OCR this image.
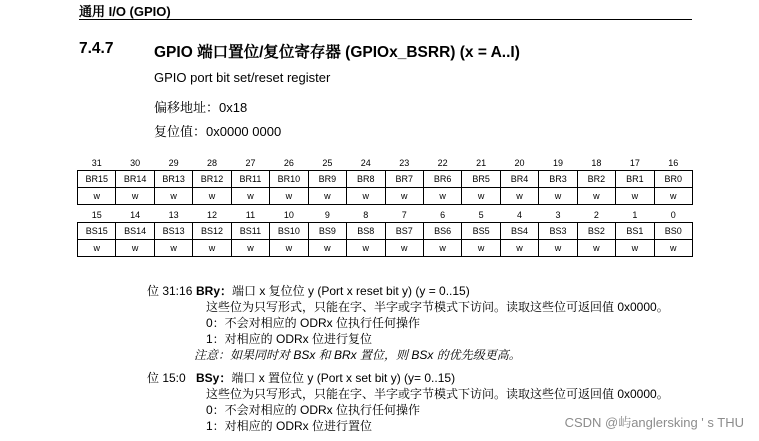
通用 I/O (GPIO)
7.4.7	GPIO 端口置位/复位寄存器 (GPIOx_BSRR) (x = A..I)
GPIO port bit set/reset register
偏移地址：0x18
复位值：0x0000 0000
31	30	29	28	27	26	25	24	23	22	21	20	19	18	17	16
BR15	BR14	BR13	BR12	BR11	BR10	BR9	BR8	BR7	BR6	BR5	BR4	BR3	BR2	BR1	BR0
w	w	w	w	w	w	w	w	w	w	w	w	w	w	w	w
15	14	13	12	11	10	9	8	7	6	5	4	3	2	1	0
BS15	BS14	BS13	BS12	BS11	BS10	BS9	BS8	BS7	BS6	BS5	BS4	BS3	BS2	BS1	BS0
w	w	w	w	w	w	w	w	w	w	w	w	w	w	w	w
位 31:16 BRy：端口 x 复位位 y (Port x reset bit y) (y = 0..15)
这些位为只写形式，只能在字、半字或字节模式下访问。读取这些位可返回值 0x0000。
0：不会对相应的 ODRx 位执行任何操作
1：对相应的 ODRx 位进行复位
注意：如果同时对 BSx 和 BRx 置位，则 BSx 的优先级更高。
位 15:0 BSy：端口 x 置位位 y (Port x set bit y) (y= 0..15)
这些位为只写形式，只能在字、半字或字节模式下访问。读取这些位可返回值 0x0000。
0：不会对相应的 ODRx 位执行任何操作
1：对相应的 ODRx 位进行置位	CSDN @屿anglersking ' s THU
